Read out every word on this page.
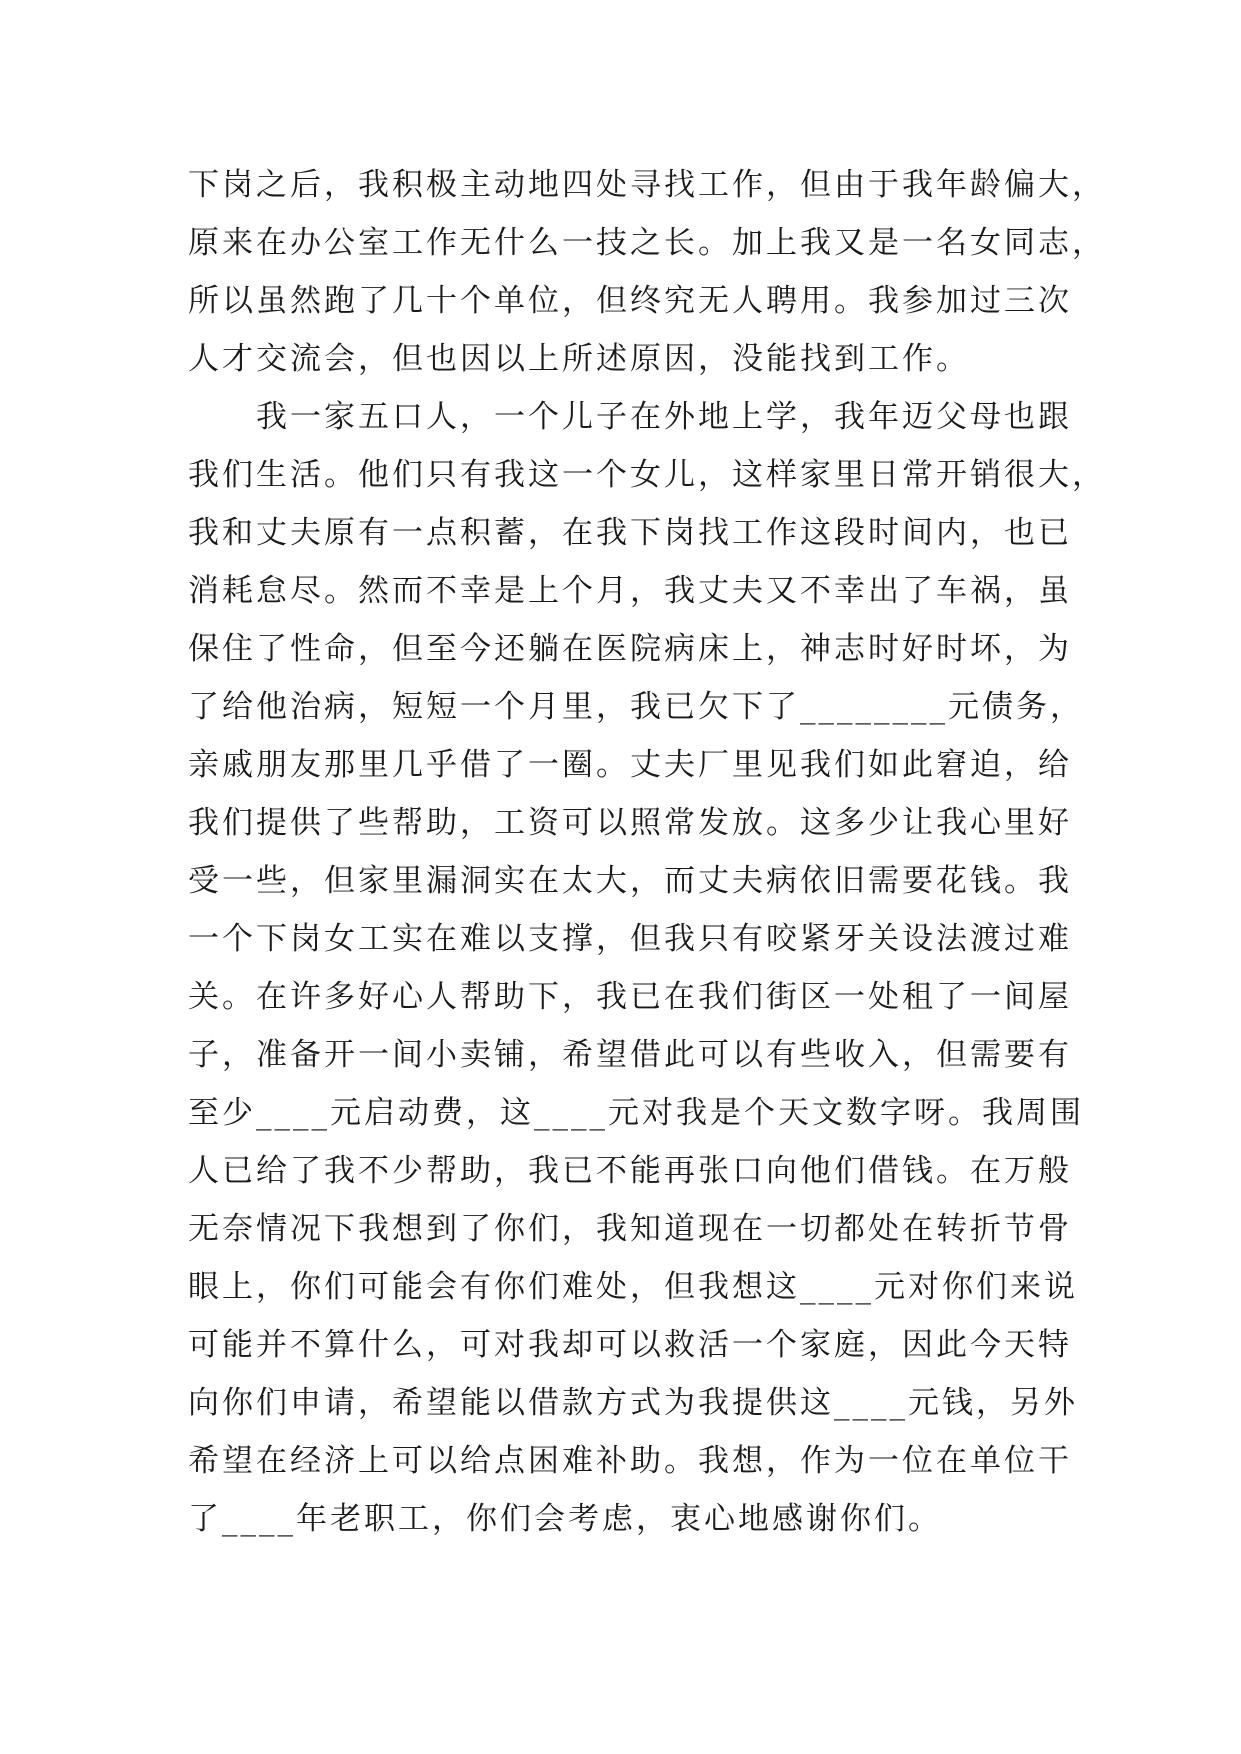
下岗之后，我积极主动地四处寻找工作，但由于我年龄偏大，
原来在办公室工作无什么一技之长。加上我又是一名女同志，
所以虽然跑了几十个单位，但终究无人聘用。我参加过三次
人才交流会，但也因以上所述原因，没能找到工作。
我一家五口人，一个儿子在外地上学，我年迈父母也跟
我们生活。他们只有我这一个女儿，这样家里日常开销很大，
我和丈夫原有一点积蓄，在我下岗找工作这段时间内，也已
消耗怠尽。然而不幸是上个月，我丈夫又不幸出了车祸，虽
保住了性命，但至今还躺在医院病床上，神志时好时坏，为
了给他治病，短短一个月里，我已欠下了________元债务，
亲戚朋友那里几乎借了一圈。丈夫厂里见我们如此窘迫，给
我们提供了些帮助，工资可以照常发放。这多少让我心里好
受一些，但家里漏洞实在太大，而丈夫病依旧需要花钱。我
一个下岗女工实在难以支撑，但我只有咬紧牙关设法渡过难
关。在许多好心人帮助下，我已在我们街区一处租了一间屋
子，准备开一间小卖铺，希望借此可以有些收入，但需要有
至少____元启动费，这____元对我是个天文数字呀。我周围
人已给了我不少帮助，我已不能再张口向他们借钱。在万般
无奈情况下我想到了你们，我知道现在一切都处在转折节骨
眼上，你们可能会有你们难处，但我想这____元对你们来说
可能并不算什么，可对我却可以救活一个家庭，因此今天特
向你们申请，希望能以借款方式为我提供这____元钱，另外
希望在经济上可以给点困难补助。我想，作为一位在单位干
了____年老职工，你们会考虑，衷心地感谢你们。
